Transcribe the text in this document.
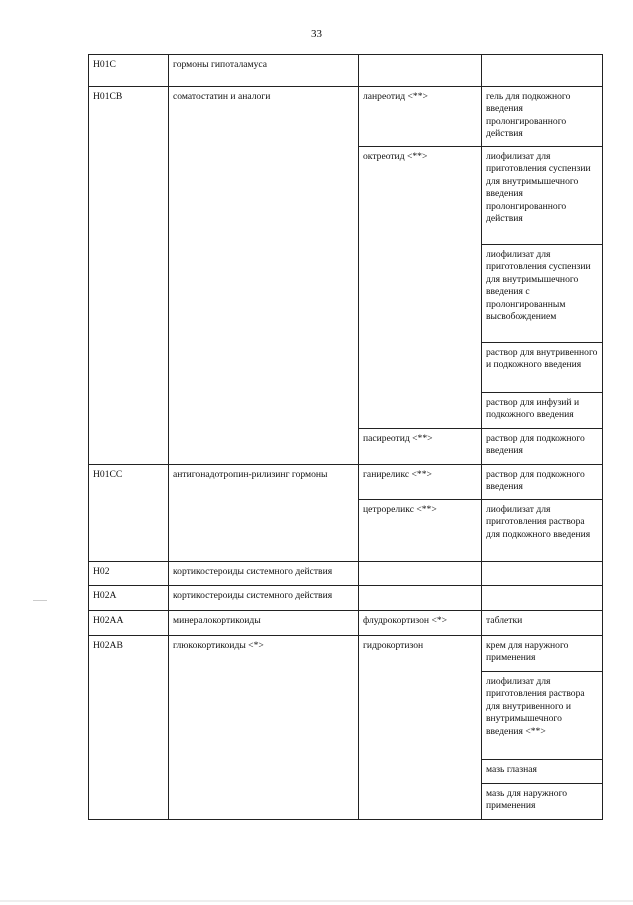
33
H01C	гормоны гипоталамуса		
H01CB	соматостатин и аналоги	ланреотид <**>	гель для подкожного введения пролонгированного действия
		октреотид <**>	лиофилизат для приготовления суспензии для внутримышечного введения пролонгированного действия
			лиофилизат для приготовления суспензии для внутримышечного введения с пролонгированным высвобождением
			раствор для внутривенного и подкожного введения
			раствор для инфузий и подкожного введения
		пасиреотид <**>	раствор для подкожного введения
H01CC	антигонадотропин-рилизинг гормоны	ганиреликс <**>	раствор для подкожного введения
		цетрореликс <**>	лиофилизат для приготовления раствора для подкожного введения
H02	кортикостероиды системного действия		
H02A	кортикостероиды системного действия		
H02AA	минералокортикоиды	флудрокортизон <*>	таблетки
H02AB	глюкокортикоиды <*>	гидрокортизон	крем для наружного применения
			лиофилизат для приготовления раствора для внутривенного и внутримышечного введения <**>
			мазь глазная
			мазь для наружного применения
